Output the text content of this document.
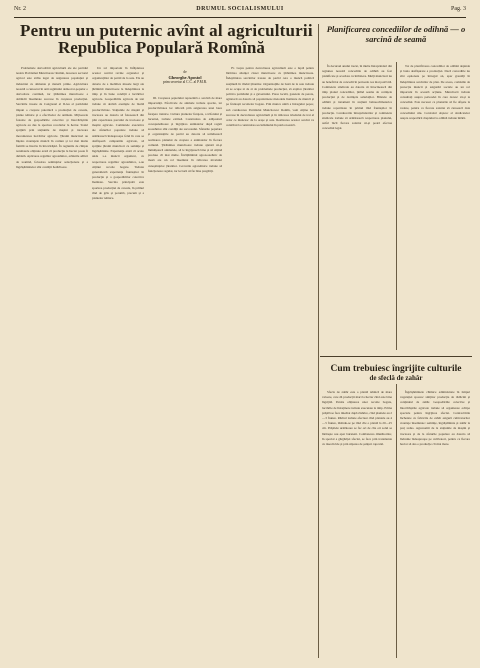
Nr. 2	DRUMUL SOCIALISMULUI	Pag. 3
Pentru un puternic avînt al agriculturii
Republica Populară Romînă
de
Gheorghe Apostol
prim secretar al C.C. al P.M.R.

Problemele dezvoltării agriculturii ale ale partidul nostru Problemei Muncitoresc Romin, deoarece sectorul agricol este strîns legat de asigurarea populaţiei şi industriei cu alimente şi materii prime. Agricultura noastră a cunoscut în anii regimului democrat-popular o dezvoltare continuă, iar ţărănimea muncitoare a dobîndit însemnate succese în creşterea producţiei. Sarcinile trasate de Congresul al II-lea al partidului impun o creştere puternică a producţiei de cereale, plante tehnice şi a efectivelor de animale. Mijloacele folosite de gospodăriile colective şi întovărăşirile agricole au dus la sporirea recoltelor la hectar. Statul sprijină prin staţiunile de maşini şi tractoare mecanizarea lucrărilor agricole. Ţăranii muncitori au înţeles avantajele muncii în comun şi tot mai multe familii se înscriu în întovărăşiri. În regiunile de cîmpie rezultatele obţinute arată că producţia la hectar poate fi dublată. Aplicarea regulilor agrotehnice, arăturile adînci de toamnă, folosirea seminţelor selecţionate şi a îngrăşămintelor sînt condiţii hotărîtoare.

Un rol important în înfăptuirea acestor sarcini revine organelor şi organizaţiilor de partid de la sate. Ele au datoria de a mobiliza masele largi ale ţărănimii muncitoare la îndeplinirea la timp şi în bune condiţii a lucrărilor agricole. Gospodăriile agricole de stat trebuie să devină exemple de înaltă productivitate. Staţiunile de maşini şi tractoare au datoria să folosească din plin capacitatea parcului de tractoare şi maşini agricole. Comitetele executive ale sfaturilor populare trebuie să urmărească îndeaproape felul în care se desfăşoară campaniile agricole, să sprijine ţăranii muncitori cu seminţe şi îngrăşăminte. Experienţa arată că acolo unde s-a muncit organizat, cu respectarea regulilor agrotehnice, s-au obţinut recolte bogate. Trebuie generalizată experienţa fruntaşilor în producţie şi a gospodăriilor colective înaintate. Sarcina principală este sporirea producţiei de cereale, în primul rînd de grîu şi porumb, precum şi a plantelor tehnice.

III. Creşterea şeptelului reprezintă o sarcină de mare importanţă. Efectivele de animale trebuie sporite, iar productivitatea lor ridicată prin asigurarea unei baze furajere trainice. Cultura plantelor furajere, a trifoiului şi lucernei, trebuie extinsă. Construirea de adăposturi corespunzătoare şi îngrijirea animalelor după reguli zootehnice sînt condiţii ale succesului. Sfaturile populare şi organizaţiile de partid au datoria să urmărească realizarea planului de creştere a animalelor în fiecare comună. Ţărănimea muncitoare trebuie ajutată să-şi înmulţească animalele, să le îngrijească bine şi să obţină produse cît mai multe. Învăţămîntul agrozootehnic de masă are un rol însemnat în ridicarea nivelului cunoştinţelor ţăranilor. Cercurile agrotehnice trebuie să funcţioneze regulat, iar lectorii să fie bine pregătiţi.

IV. Lupta pentru dezvoltarea agriculturii este o luptă pentru întărirea alianţei clasei muncitoare cu ţărănimea muncitoare. Îndeplinirea sarcinilor trasate de partid cere o muncă politică susţinută în rîndul ţăranilor. Organizaţiile de bază de la sate trebuie să se ocupe zi de zi de problemele producţiei, să explice ţăranilor politica partidului şi a guvernului. Presa locală, gazetele de perete, agitatorii au datoria să popularizeze metodele înaintate de muncă şi pe fruntaşii recoltelor bogate. Prin munca unită a întregului popor, sub conducerea Partidului Muncitoresc Romîn, vom obţine noi succese în dezvoltarea agriculturii şi în ridicarea nivelului de trai al celor ce muncesc de la oraşe şi sate. Realizarea acestor sarcini va contribui la construirea socialismului în patria noastră.

Planificarea concediilor de odihnă — o sarcină de seamă

În decursul anului trecut, în multe întreprinderi din regiunea noastră concediile de odihnă au fost planificate şi acordate cu întîrziere. Mulţi muncitori nu au beneficiat de concedii în perioada cea mai potrivită. Comitetele sindicale au datoria să întocmească din timp planul concediilor, ţinînd seama de cerinţele producţiei şi de dorinţele salariaţilor. Biletele de odihnă şi tratament în staţiuni balneoclimaterice trebuie repartizate în primul rînd fruntaşilor în producţie. Conducerile întreprinderilor şi comitetele sindicale trebuie să urmărească respectarea planului, astfel încît fiecare salariat să-şi poată efectua concediul legal.

Tot de planificarea concediilor de odihnă depinde şi buna desfăşurare a producţiei. Dacă concediile nu sînt eşalonate pe întregul an, apar greutăţi în îndeplinirea sarcinilor de plan. De aceea, comisiile de protecţia muncii şi asigurări sociale au un rol important în această acţiune. Muncitorii trebuie consultaţi asupra perioadei în care doresc să-şi ia concediul. Este necesar ca planurile să fie afişate la vedere, pentru ca fiecare salariat să cunoască data concediului său. Controlul obştesc al sindicatelor asupra respectării dreptului la odihnă trebuie întărit.

Cum trebuiesc îngrijite culturile
de sfeclă de zahăr

Sfecla de zahăr este o plantă tehnică de mare valoare, care dă producţii mari la hectar cînd este bine îngrijită. Pentru obţinerea unor recolte bogate, lucrările de întreţinere trebuie executate la timp. Prima prăşilă se face imediat după răsărire, cînd plantele au 2—3 frunze. Răritul trebuie efectuat cînd plantele au 4—5 frunze, lăsîndu-se pe rînd cîte o plantă la 20—25 cm. Prăşilele următoare se fac ori de cîte ori solul se întăreşte sau apar buruieni. Combaterea dăunătorilor, în special a gărgăriţei sfeclei, se face prin tratamente cu insecticide şi prin săparea de şanţuri capcană.

Îngrăşămintele chimice administrate în timpul vegetaţiei sporesc simţitor producţia de rădăcini şi conţinutul de zahăr. Gospodăriile colective şi întovărăşirile agricole trebuie să organizeze echipe speciale pentru îngrijirea sfeclei. Contractările încheiate cu fabricile de zahăr asigură cultivatorilor avantaje însemnate: seminţe, îngrăşăminte şi zahăr la preţ redus. Agronomii de la staţiunile de maşini şi tractoare şi de la sfaturile populare au datoria să îndrume îndeaproape pe cultivatori, pentru ca fiecare hectar să dea o producţie cît mai mare.
